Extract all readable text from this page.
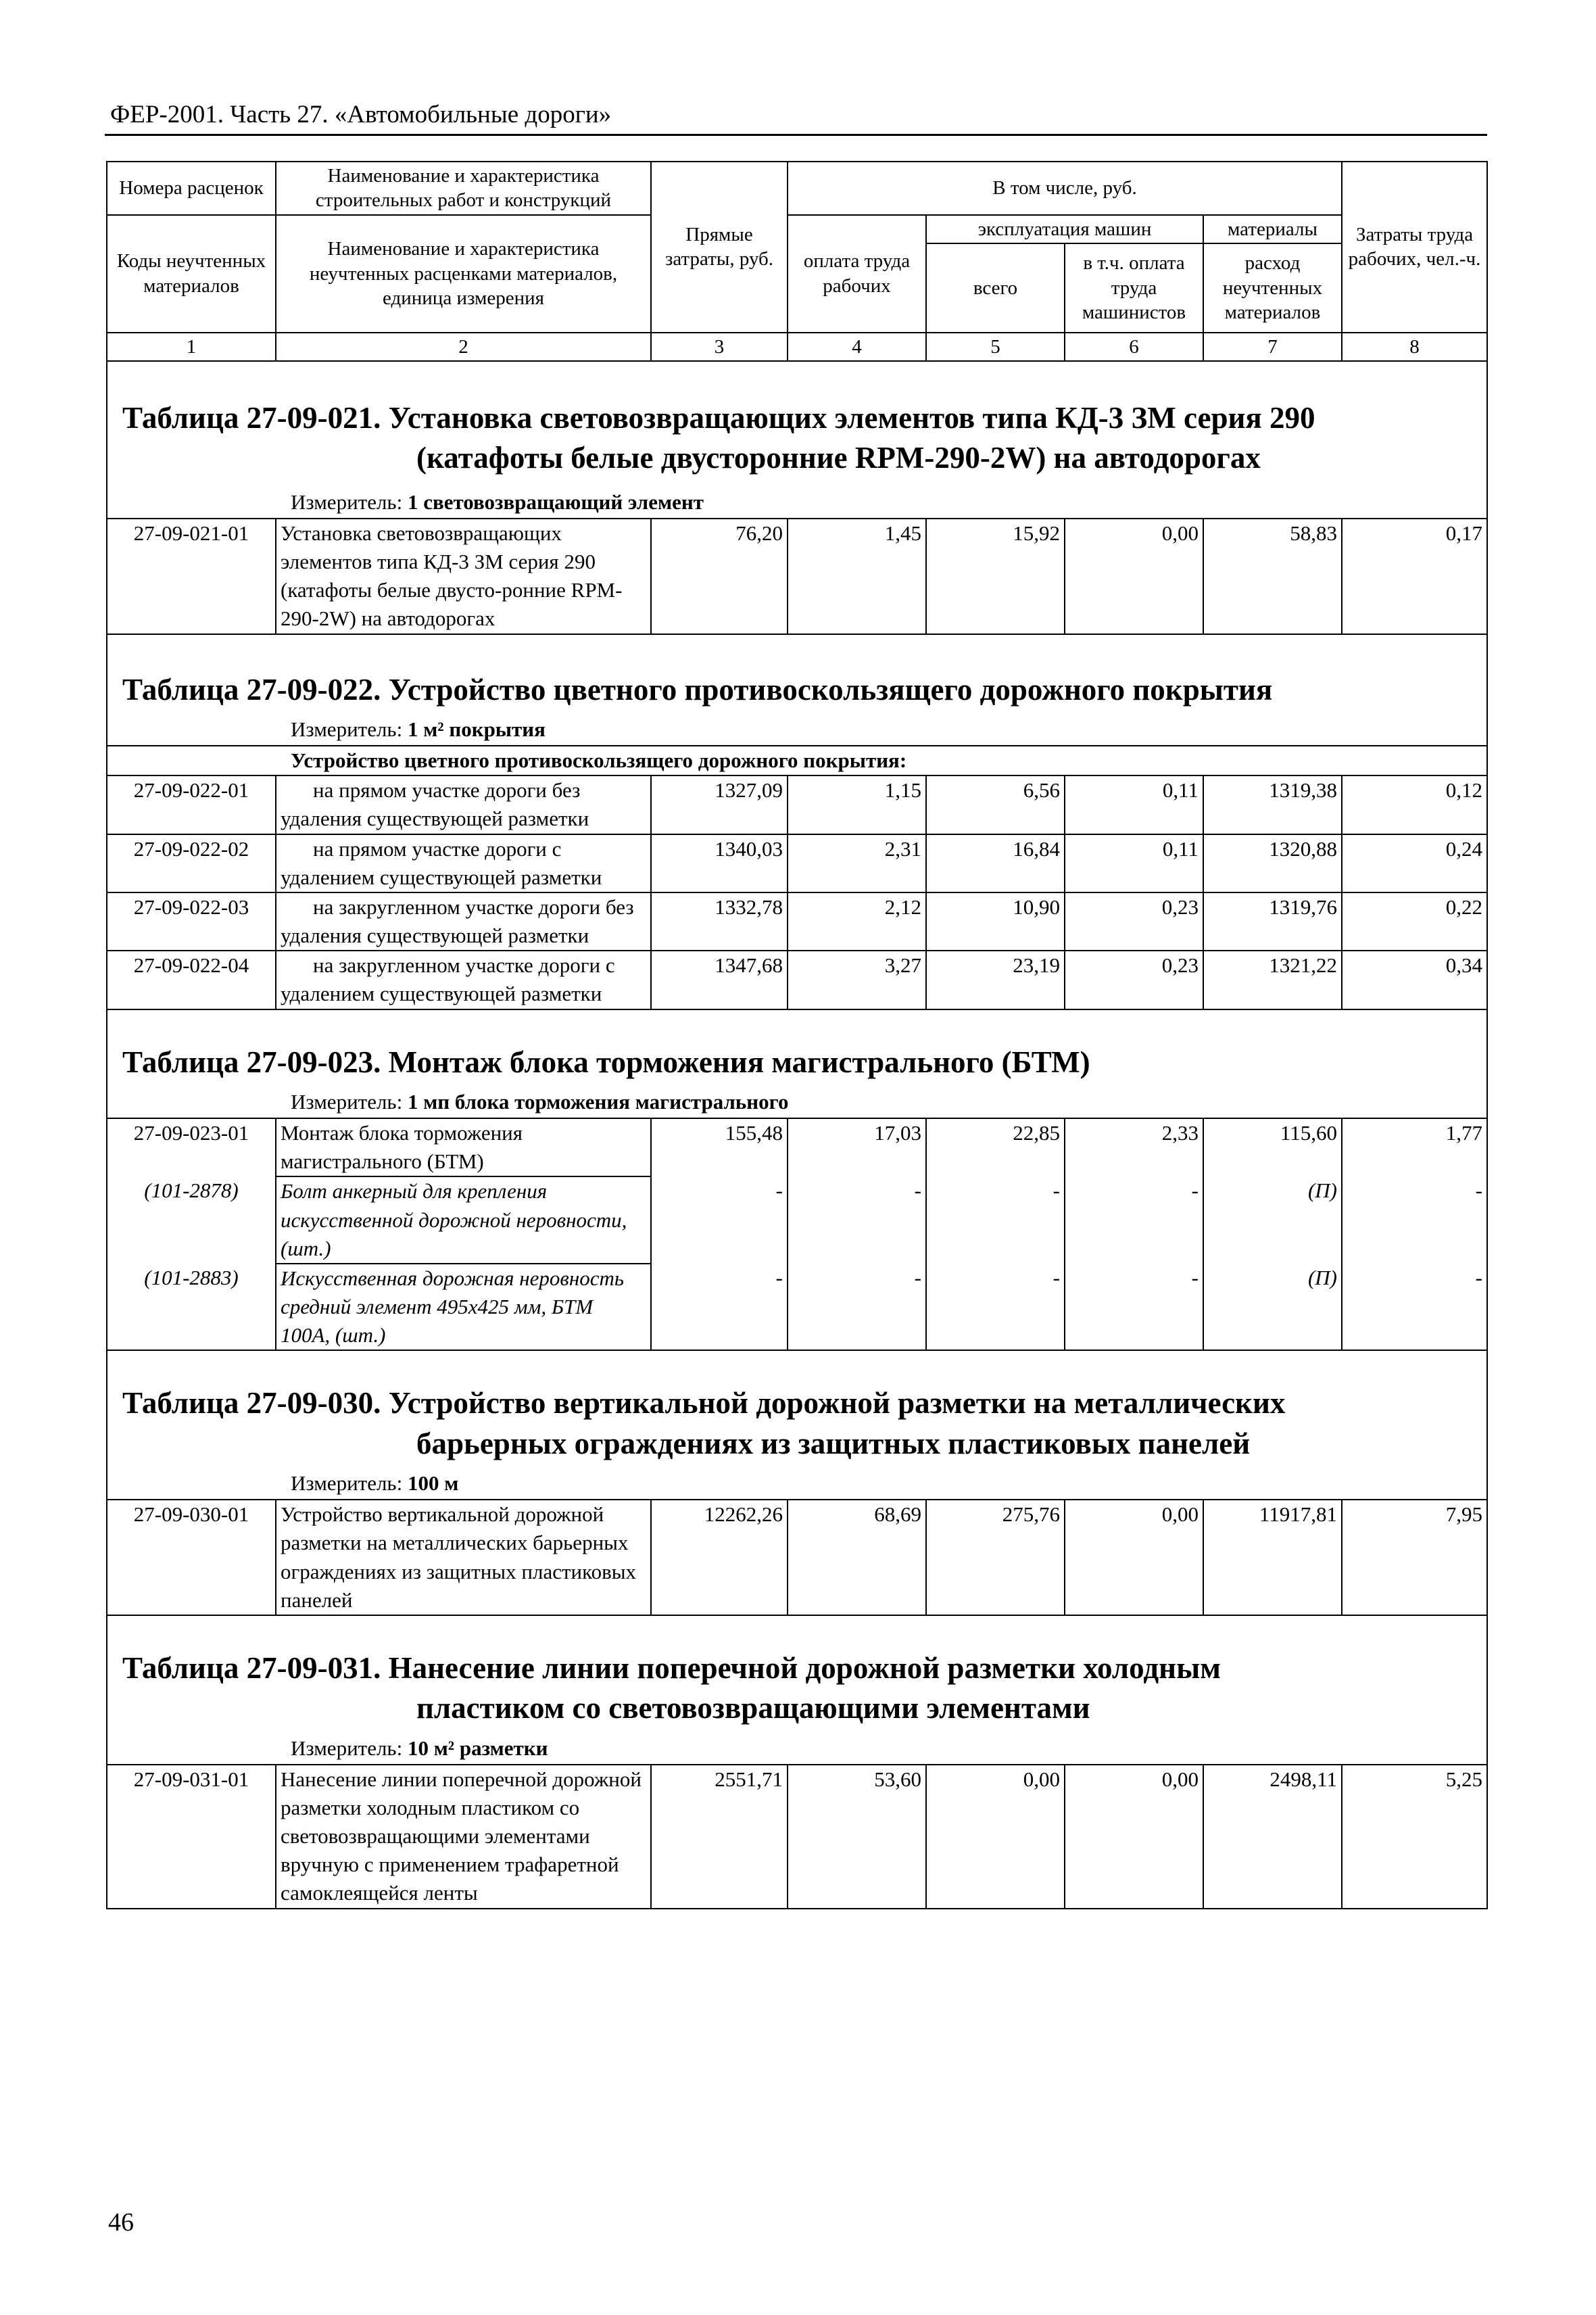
ФЕР-2001. Часть 27. «Автомобильные дороги»
Номера расценок	Наименование и характеристика строительных работ и конструкций	Прямые затраты, руб.	В том числе, руб.				Затраты труда рабочих, чел.-ч.
Коды неучтенных материалов	Наименование и характеристика неучтенных расценками материалов, единица измерения		оплата труда рабочих	эксплуатация машин		материалы	
				всего	в т.ч. оплата труда машинистов	расход неучтенных материалов	
1	2	3	4	5	6	7	8

Таблица 27-09-021. Установка световозвращающих элементов типа КД-3 ЗМ серия 290
(катафоты белые двусторонние RPM-290-2W) на автодорогах
Измеритель: 1 световозвращающий элемент							

27-09-021-01	Установка световозвращающих элементов типа КД-3 ЗМ серия 290 (катафоты белые двусто-ронние RPM-290-2W) на автодорогах	76,20	1,45	15,92	0,00	58,83	0,17

Таблица 27-09-022. Устройство цветного противоскользящего дорожного покрытия
Измеритель: 1 м² покрытия							

Устройство цветного противоскользящего дорожного покрытия:							
27-09-022-01	на прямом участке дороги без удаления существующей разметки	1327,09	1,15	6,56	0,11	1319,38	0,12
27-09-022-02	на прямом участке дороги с удалением существующей разметки	1340,03	2,31	16,84	0,11	1320,88	0,24
27-09-022-03	на закругленном участке дороги без удаления существующей разметки	1332,78	2,12	10,90	0,23	1319,76	0,22
27-09-022-04	на закругленном участке дороги с удалением существующей разметки	1347,68	3,27	23,19	0,23	1321,22	0,34

Таблица 27-09-023. Монтаж блока торможения магистрального (БТМ)
Измеритель: 1 мп блока торможения магистрального							

27-09-023-01	Монтаж блока торможения магистрального (БТМ)	155,48	17,03	22,85	2,33	115,60	1,77
(101-2878)	Болт анкерный для крепления искусственной дорожной неровности, (шт.)	-	-	-	-	(П)	-
(101-2883)	Искусственная дорожная неровность средний элемент 495х425 мм, БТМ 100А, (шт.)	-	-	-	-	(П)	-

Таблица 27-09-030. Устройство вертикальной дорожной разметки на металлических
барьерных ограждениях из защитных пластиковых панелей
Измеритель: 100 м							

27-09-030-01	Устройство вертикальной дорожной разметки на металлических барьерных ограждениях из защитных пластиковых панелей	12262,26	68,69	275,76	0,00	11917,81	7,95

Таблица 27-09-031. Нанесение линии поперечной дорожной разметки холодным
пластиком со световозвращающими элементами
Измеритель: 10 м² разметки							

27-09-031-01	Нанесение линии поперечной дорожной разметки холодным пластиком со световозвращающими элементами вручную с применением трафаретной самоклеящейся ленты	2551,71	53,60	0,00	0,00	2498,11	5,25
46
